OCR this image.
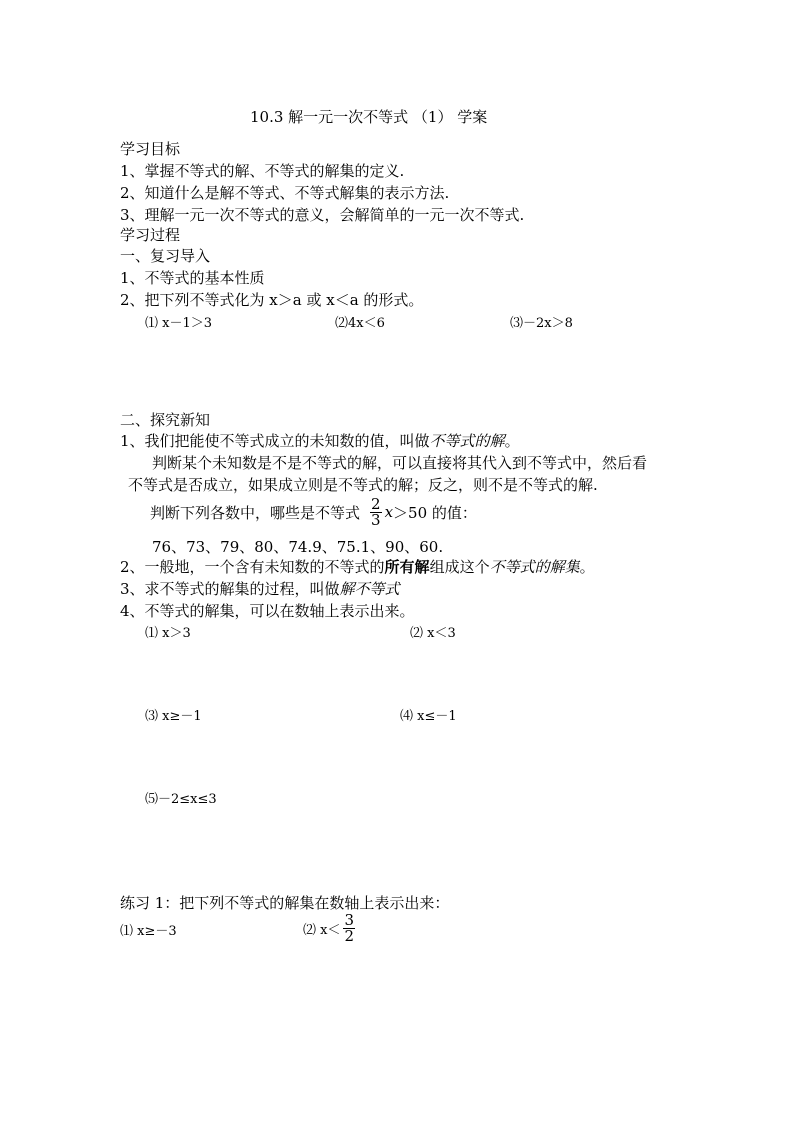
10.3 解一元一次不等式 （1） 学案
学习目标
1、掌握不等式的解、不等式的解集的定义.
2、知道什么是解不等式、不等式解集的表示方法.
3、理解一元一次不等式的意义，会解简单的一元一次不等式.
学习过程
一、复习导入
1、不等式的基本性质
2、把下列不等式化为 x＞a 或 x＜a 的形式。
⑴ x－1＞3	⑵4x＜6	⑶－2x＞8
二、探究新知
1、我们把能使不等式成立的未知数的值，叫做不等式的解。
判断某个未知数是不是不等式的解，可以直接将其代入到不等式中，然后看
不等式是否成立，如果成立则是不等式的解；反之，则不是不等式的解.
判断下列各数中，哪些是不等式 $\frac{2}{3}$ x ＞50 的值：
76、73、79、80、74.9、75.1、90、60.
2、一般地，一个含有未知数的不等式的所有解组成这个不等式的解集。
3、求不等式的解集的过程，叫做解不等式
4、不等式的解集，可以在数轴上表示出来。
⑴ x＞3	⑵ x＜3
⑶ x≥－1	⑷ x≤－1
⑸－2≤x≤3
练习 1：把下列不等式的解集在数轴上表示出来：
⑴ x≥－3	⑵ $x< \frac{3}{2}$
